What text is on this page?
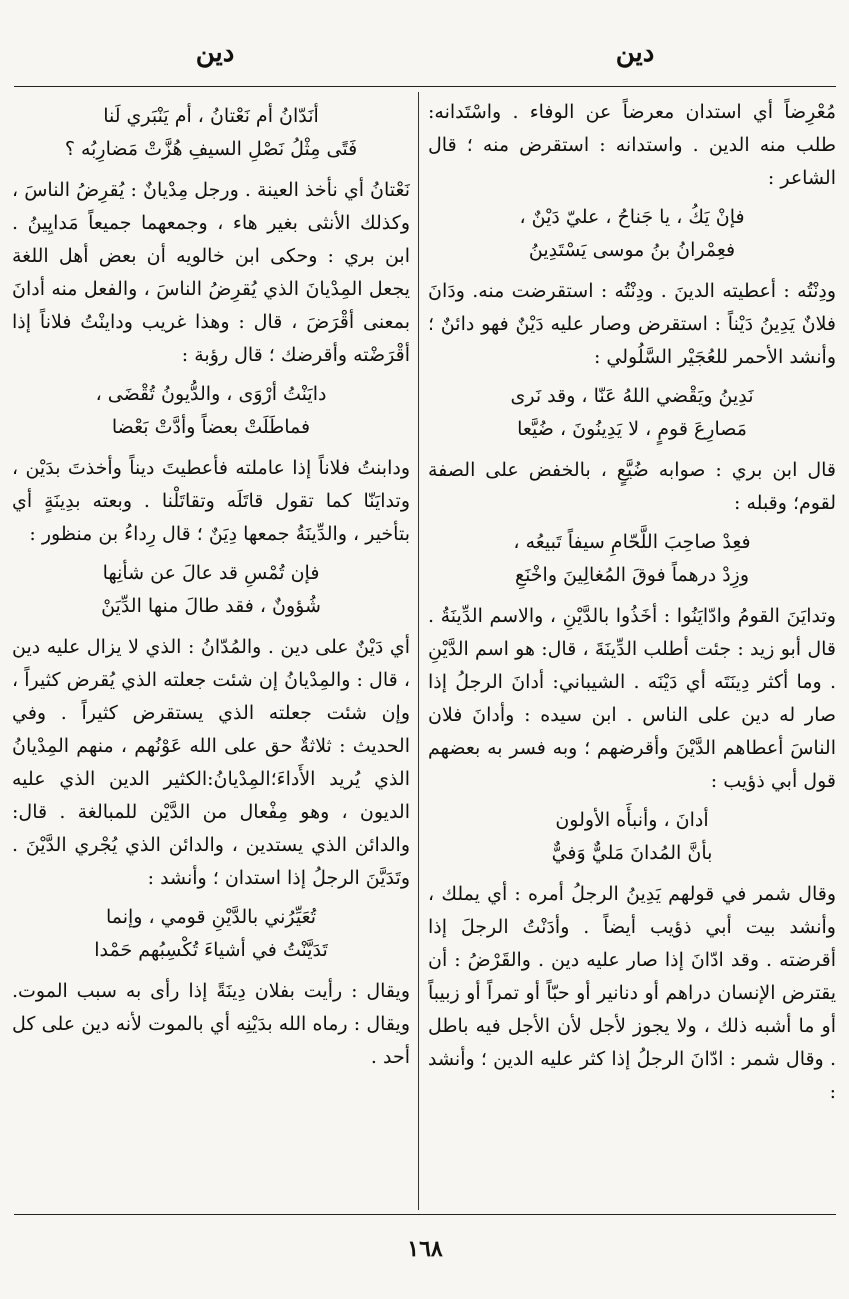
دين
دين

مُعْرِضاً أي استدان معرضاً عن الوفاء . واسْتَدانه: طلب منه الدين . واستدانه : استقرض منه ؛ قال الشاعر :

فإنْ يَكُ ، يا جَناحُ ، عليّ دَيْنٌ ،
فعِمْرانُ بنُ موسى يَسْتَدِينُ

ودِنْتُه : أعطيته الدينَ . ودِنْتُه : استقرضت منه. ودَانَ فلانٌ يَدِينُ دَيْناً : استقرض وصار عليه دَيْنٌ فهو دائنٌ ؛ وأنشد الأحمر للعُجَيْر السَّلُولي :

نَدِينُ ويَقْضي اللهُ عَنّا ، وقد نَرى
مَصارِعَ قومٍ ، لا يَدِينُونَ ، ضُيَّعا

قال ابن بري : صوابه ضُيَّعٍ ، بالخفض على الصفة لقوم؛ وقبله :

فعِدْ صاحِبَ اللَّحّامِ سيفاً تَبيعُه ،
وزِدْ درهماً فوقَ المُغالِينَ واخْنَعِ

وتدايَنَ القومُ وادّايَنُوا : أخَذُوا بالدَّيْنِ ، والاسم الدِّينَةُ . قال أبو زيد : جئت أطلب الدِّينَةَ ، قال: هو اسم الدَّيْنِ . وما أكثر دِينَتَه أي دَيْنَه . الشيباني: أدانَ الرجلُ إذا صار له دين على الناس . ابن سيده : وأدانَ فلان الناسَ أعطاهم الدَّيْنَ وأقرضهم ؛ وبه فسر به بعضهم قول أبي ذؤيب :

أدانَ ، وأنبأَه الأولون
بأنَّ المُدانَ مَليٌّ وَفيٌّ

وقال شمر في قولهم يَدِينُ الرجلُ أمره : أي يملك ، وأنشد بيت أبي ذؤيب أيضاً . وأدَنْتُ الرجلَ إذا أقرضته . وقد ادّانَ إذا صار عليه دين . والقَرْضُ : أن يقترض الإنسان دراهم أو دنانير أو حبّاً أو تمراً أو زبيباً أو ما أشبه ذلك ، ولا يجوز لأجل لأن الأجل فيه باطل . وقال شمر : ادّانَ الرجلُ إذا كثر عليه الدين ؛ وأنشد :

أنَدّانُ أم نَعْتانُ ، أم يَنْبَري لَنا
فَتًى مِثْلُ نَصْلِ السيفِ هُزَّتْ مَضارِبُه ؟

نَعْتانُ أي نأخذ العينة . ورجل مِدْيانٌ : يُقرِضُ الناسَ ، وكذلك الأنثى بغير هاء ، وجمعهما جميعاً مَدايِينُ . ابن بري : وحكى ابن خالويه أن بعض أهل اللغة يجعل المِدْيانَ الذي يُقرِضُ الناسَ ، والفعل منه أدانَ بمعنى أقْرَضَ ، قال : وهذا غريب وداينْتُ فلاناً إذا أقْرَضْته وأقرضك ؛ قال رؤبة :

دايَنْتُ أرْوَى ، والدُّيونُ تُقْضَى ،
فماطَلَتْ بعضاً وأدَّتْ بَعْضا

ودابنتُ فلاناً إذا عاملته فأعطيتَ ديناً وأخذتَ بدَيْن ، وتدايَنّا كما تقول قاتَلَه وتقاتَلْنا . وبعته بدِينَةٍ أي بتأخير ، والدِّينَةُ جمعها دِيَنٌ ؛ قال رِداءُ بن منظور :

فإن تُمْسِ قد عالَ عن شأنِها
شُؤونٌ ، فقد طالَ منها الدِّيَنْ

أي دَيْنٌ على دين . والمُدّانُ : الذي لا يزال عليه دين ، قال : والمِدْيانُ إن شئت جعلته الذي يُقرض كثيراً ، وإن شئت جعلته الذي يستقرض كثيراً . وفي الحديث : ثلاثةٌ حق على الله عَوْنُهم ، منهم المِدْيانُ الذي يُريد الأَداءَ؛المِدْيانُ:الكثير الدين الذي عليه الديون ، وهو مِفْعال من الدَّيْن للمبالغة . قال: والدائن الذي يستدين ، والدائن الذي يُجْري الدَّيْنَ . وتَدَيَّنَ الرجلُ إذا استدان ؛ وأنشد :

تُعَيِّرُني بالدَّيْنِ قومي ، وإنما
تَدَيَّنْتُ في أشياءَ تُكْسِبُهم حَمْدا

ويقال : رأيت بفلان دِينَةً إذا رأى به سبب الموت. ويقال : رماه الله بدَيْنِه أي بالموت لأنه دين على كل أحد .

١٦٨
